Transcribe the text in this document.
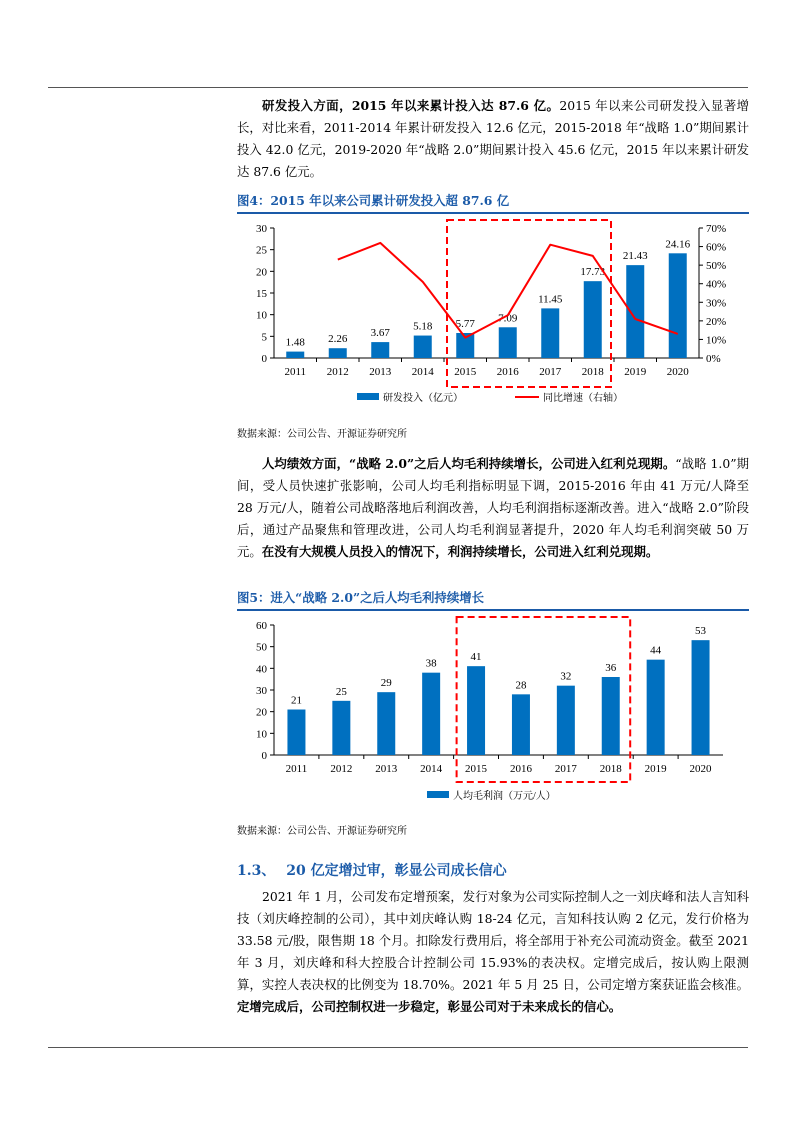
研发投入方面，2015 年以来累计投入达 87.6 亿。2015 年以来公司研发投入显著增长，对比来看，2011-2014 年累计研发投入 12.6 亿元，2015-2018 年“战略 1.0”期间累计投入 42.0 亿元，2019-2020 年“战略 2.0”期间累计投入 45.6 亿元，2015 年以来累计研发达 87.6 亿元。

图4：2015 年以来公司累计研发投入超 87.6 亿
0
5
10
15
20
25
30
0%
10%
20%
30%
40%
50%
60%
70%
1.48
2011
2.26
2012
3.67
2013
5.18
2014
5.77
2015
7.09
2016
11.45
2017
17.73
2018
21.43
2019
24.16
2020
研发投入（亿元）	同比增速（右轴）
数据来源：公司公告、开源证券研究所

人均绩效方面，“战略 2.0”之后人均毛利持续增长，公司进入红利兑现期。“战略 1.0”期间，受人员快速扩张影响，公司人均毛利指标明显下调，2015-2016 年由 41 万元/人降至 28 万元/人，随着公司战略落地后利润改善，人均毛利润指标逐渐改善。进入“战略 2.0”阶段后，通过产品聚焦和管理改进，公司人均毛利润显著提升，2020 年人均毛利润突破 50 万元。在没有大规模人员投入的情况下，利润持续增长，公司进入红利兑现期。

图5：进入“战略 2.0”之后人均毛利持续增长
0
10
20
30
40
50
60
21
2011
25
2012
29
2013
38
2014
41
2015
28
2016
32
2017
36
2018
44
2019
53
2020
人均毛利润（万元/人）
数据来源：公司公告、开源证券研究所
1.3、 20 亿定增过审，彰显公司成长信心

2021 年 1 月，公司发布定增预案，发行对象为公司实际控制人之一刘庆峰和法人言知科技（刘庆峰控制的公司），其中刘庆峰认购 18-24 亿元，言知科技认购 2 亿元，发行价格为 33.58 元/股，限售期 18 个月。扣除发行费用后，将全部用于补充公司流动资金。截至 2021 年 3 月，刘庆峰和科大控股合计控制公司 15.93%的表决权。定增完成后，按认购上限测算，实控人表决权的比例变为 18.70%。2021 年 5 月 25 日，公司定增方案获证监会核准。定增完成后，公司控制权进一步稳定，彰显公司对于未来成长的信心。
